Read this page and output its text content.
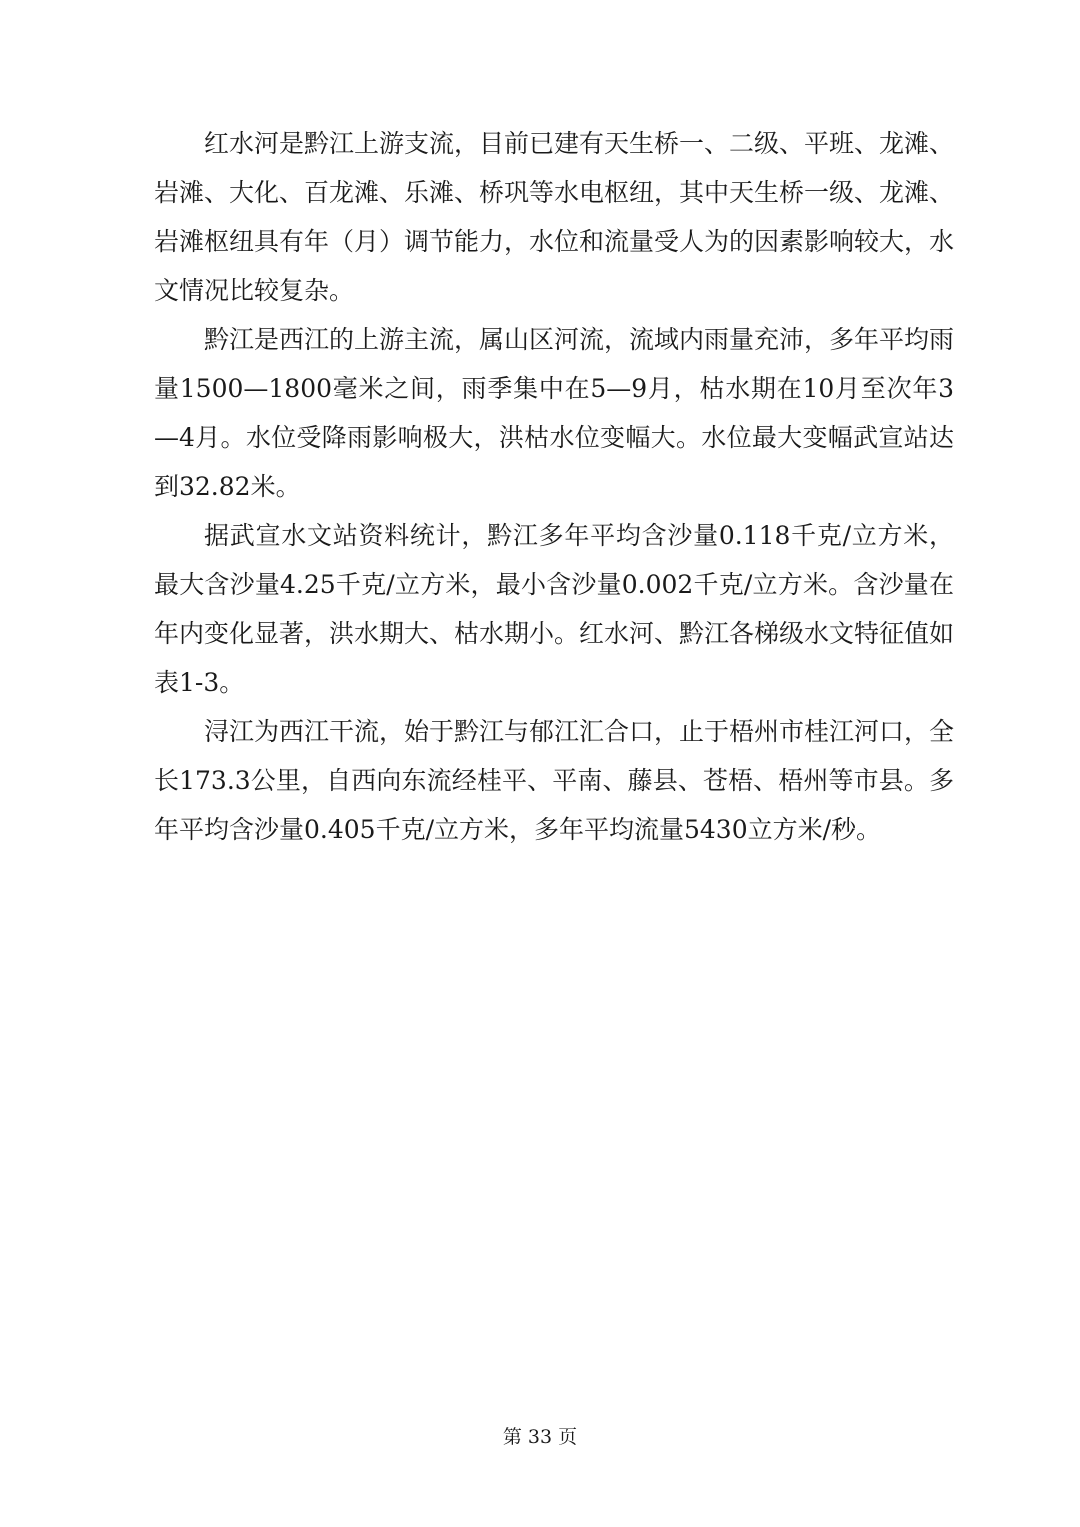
红水河是黔江上游支流，目前已建有天生桥一、二级、平班、龙滩、岩滩、大化、百龙滩、乐滩、桥巩等水电枢纽，其中天生桥一级、龙滩、岩滩枢纽具有年（月）调节能力，水位和流量受人为的因素影响较大，水文情况比较复杂。

黔江是西江的上游主流，属山区河流，流域内雨量充沛，多年平均雨量1500—1800毫米之间，雨季集中在5—9月，枯水期在10月至次年3—4月。水位受降雨影响极大，洪枯水位变幅大。水位最大变幅武宣站达到32.82米。

据武宣水文站资料统计，黔江多年平均含沙量0.118千克/立方米，最大含沙量4.25千克/立方米，最小含沙量0.002千克/立方米。含沙量在年内变化显著，洪水期大、枯水期小。红水河、黔江各梯级水文特征值如表1-3。

浔江为西江干流，始于黔江与郁江汇合口，止于梧州市桂江河口，全长173.3公里，自西向东流经桂平、平南、藤县、苍梧、梧州等市县。多年平均含沙量0.405千克/立方米，多年平均流量5430立方米/秒。

第 33 页
